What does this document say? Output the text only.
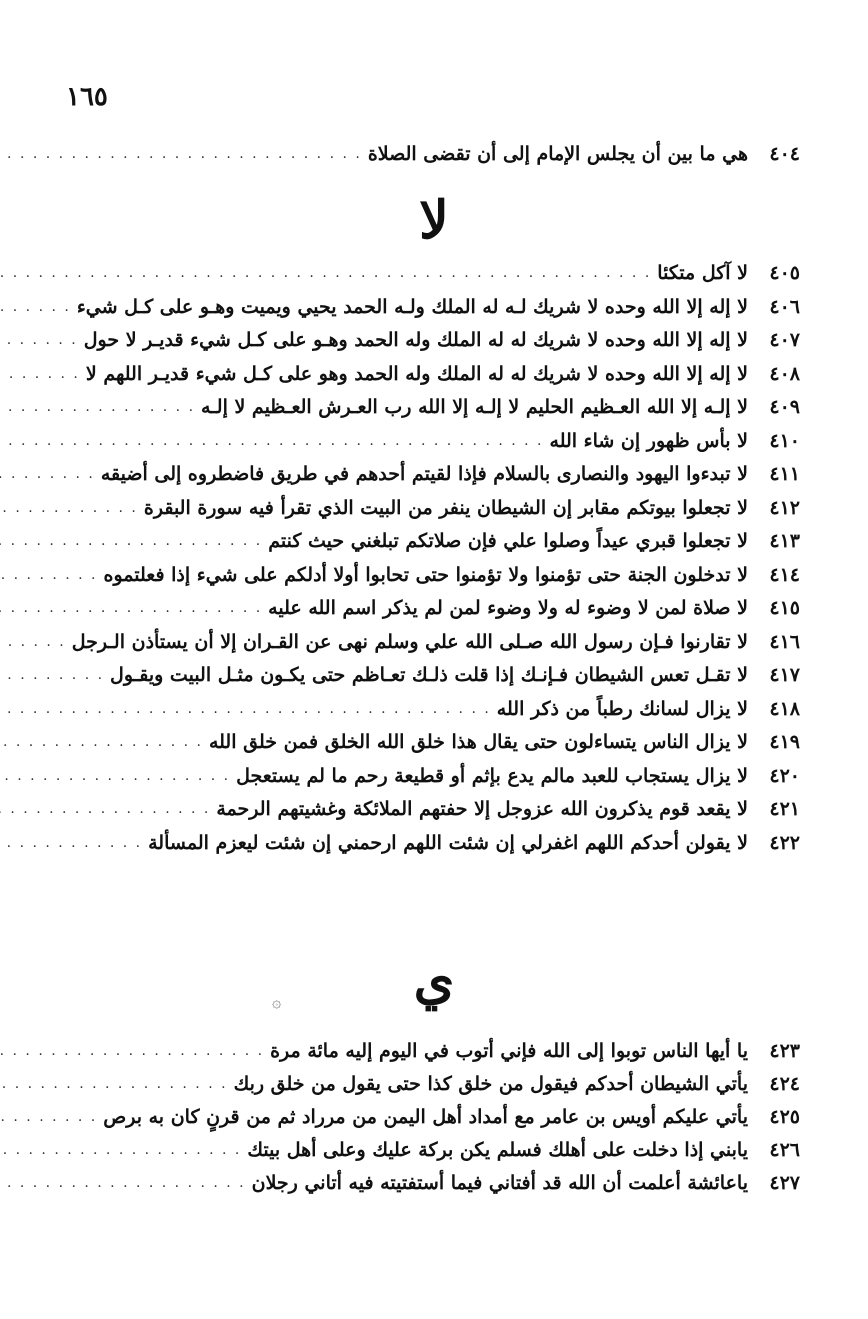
١٦٥
٤٠٤
هي ما بين أن يجلس الإمام إلى أن تقضى الصلاة
. . .
لا
٤٠٥
لا آكل متكئا
. . .
٤٠٦
لا إله إلا الله وحده لا شريك لـه له الملك ولـه الحمد يحيي ويميت وهـو على كـل شيء
. . .
٤٠٧
لا إله إلا الله وحده لا شريك له له الملك وله الحمد وهـو على كـل شيء قديـر لا حول
. . .
٤٠٨
لا إله إلا الله وحده لا شريك له له الملك وله الحمد وهو على كـل شيء قديـر اللهم لا
. . .
٤٠٩
لا إلـه إلا الله العـظيم الحليم لا إلـه إلا الله رب العـرش العـظيم لا إلـه
. . .
٤١٠
لا بأس ظهور إن شاء الله
. . .
٤١١
لا تبدءوا اليهود والنصارى بالسلام فإذا لقيتم أحدهم في طريق فاضطروه إلى أضيقه
. . .
٤١٢
لا تجعلوا بيوتكم مقابر إن الشيطان ينفر من البيت الذي تقرأ فيه سورة البقرة
. . .
٤١٣
لا تجعلوا قبري عيداً وصلوا علي فإن صلاتكم تبلغني حيث كنتم
. . .
٤١٤
لا تدخلون الجنة حتى تؤمنوا ولا تؤمنوا حتى تحابوا أولا أدلكم على شيء إذا فعلتموه
. . .
٤١٥
لا صلاة لمن لا وضوء له ولا وضوء لمن لم يذكر اسم الله عليه
. . .
٤١٦
لا تقارنوا فـإن رسول الله صـلى الله علي وسلم نهى عن القـران إلا أن يستأذن الـرجل
. . .
٤١٧
لا تقـل تعس الشيطان فـإنـك إذا قلت ذلـك تعـاظم حتى يكـون مثـل البيت ويقـول
. . .
٤١٨
لا يزال لسانك رطباً من ذكر الله
. . .
٤١٩
لا يزال الناس يتساءلون حتى يقال هذا خلق الله الخلق فمن خلق الله
. . .
٤٢٠
لا يزال يستجاب للعبد مالم يدع بإثم أو قطيعة رحم ما لم يستعجل
. . .
٤٢١
لا يقعد قوم يذكرون الله عزوجل إلا حفتهم الملائكة وغشيتهم الرحمة
. . .
٤٢٢
لا يقولن أحدكم اللهم اغفرلي إن شئت اللهم ارحمني إن شئت ليعزم المسألة
. . .
ي
۞
٤٢٣
يا أيها الناس توبوا إلى الله فإني أتوب في اليوم إليه مائة مرة
. . .
٤٢٤
يأتي الشيطان أحدكم فيقول من خلق كذا حتى يقول من خلق ربك
. . .
٤٢٥
يأتي عليكم أويس بن عامر مع أمداد أهل اليمن من مرراد ثم من قرنٍ كان به برص
. . .
٤٢٦
يابني إذا دخلت على أهلك فسلم يكن بركة عليك وعلى أهل بيتك
. . .
٤٢٧
ياعائشة أعلمت أن الله قد أفتاني فيما أستفتيته فيه أتاني رجلان
. . .
